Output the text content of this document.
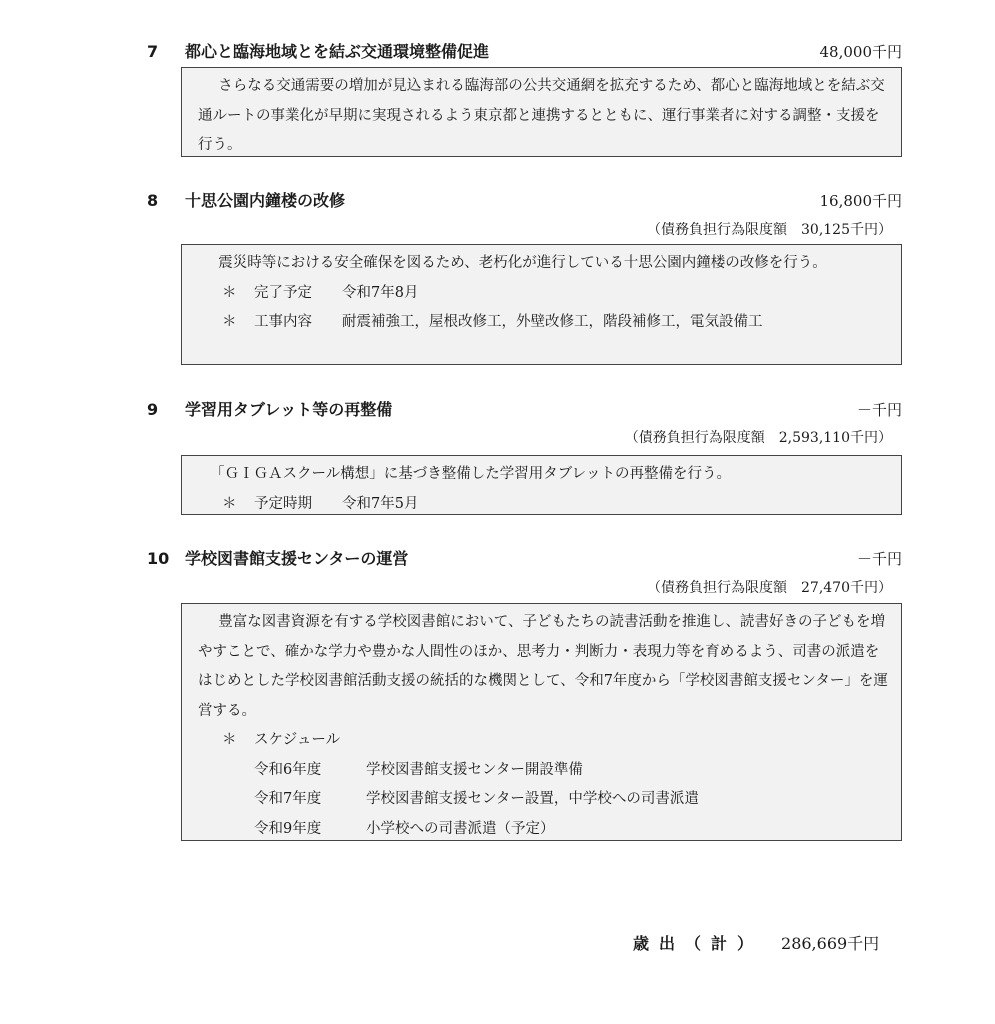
7 都心と臨海地域とを結ぶ交通環境整備促進	48,000千円

さらなる交通需要の増加が見込まれる臨海部の公共交通網を拡充するため、都心と臨海地域とを結ぶ交通ルートの事業化が早期に実現されるよう東京都と連携するとともに、運行事業者に対する調整・支援を行う。

8 十思公園内鐘楼の改修	16,800千円
（債務負担行為限度額　30,125千円）

震災時等における安全確保を図るため、老朽化が進行している十思公園内鐘楼の改修を行う。

＊ 完了予定 令和7年8月
＊ 工事内容 耐震補強工，屋根改修工，外壁改修工，階段補修工，電気設備工
9 学習用タブレット等の再整備	－千円
（債務負担行為限度額　2,593,110千円）

「ＧＩＧＡスクール構想」に基づき整備した学習用タブレットの再整備を行う。

＊ 予定時期 令和7年5月
10 学校図書館支援センターの運営	－千円
（債務負担行為限度額　27,470千円）

豊富な図書資源を有する学校図書館において、子どもたちの読書活動を推進し、読書好きの子どもを増やすことで、確かな学力や豊かな人間性のほか、思考力・判断力・表現力等を育めるよう、司書の派遣をはじめとした学校図書館活動支援の統括的な機関として、令和7年度から「学校図書館支援センター」を運営する。

＊ スケジュール
令和6年度	学校図書館支援センター開設準備
令和7年度	学校図書館支援センター設置，中学校への司書派遣
令和9年度	小学校への司書派遣（予定）
歳出（計） 286,669千円
